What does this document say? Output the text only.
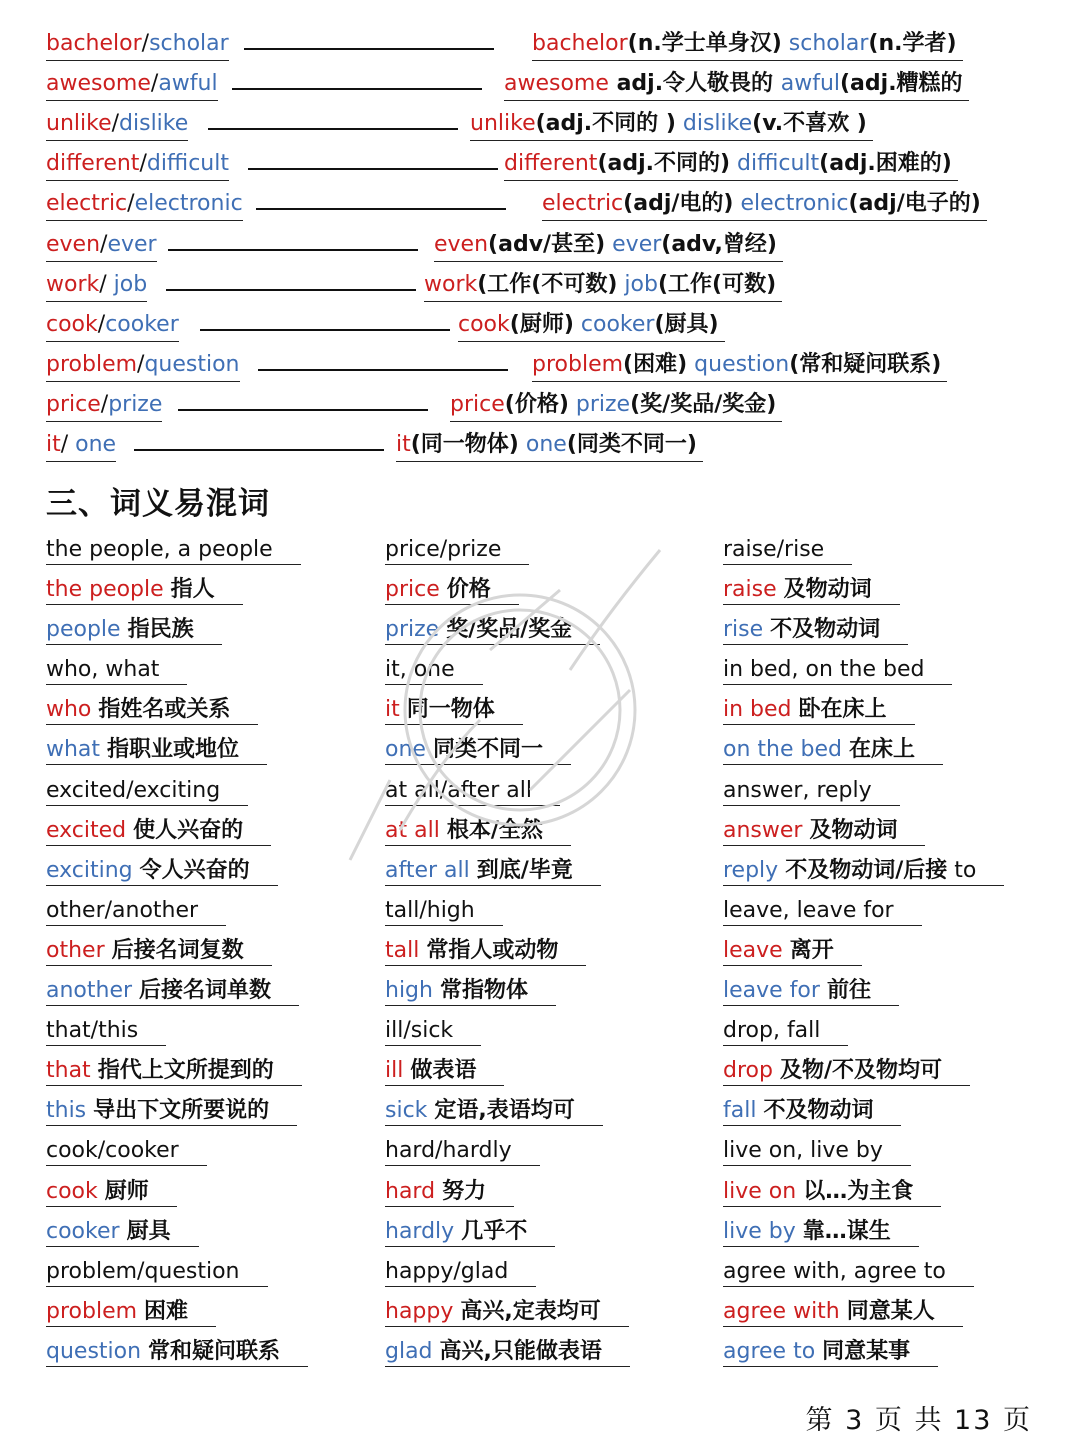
bachelor/scholar	bachelor(n.学士单身汉) scholar(n.学者)
awesome/awful	awesome adj.令人敬畏的 awful(adj.糟糕的
unlike/dislike	unlike(adj.不同的 ) dislike(v.不喜欢 )
different/difficult	different(adj.不同的) difficult(adj.困难的)
electric/electronic	electric(adj/电的) electronic(adj/电子的)
even/ever	even(adv/甚至) ever(adv,曾经)
work/ job	work(工作(不可数) job(工作(可数)
cook/cooker	cook(厨师) cooker(厨具)
problem/question	problem(困难) question(常和疑问联系)
price/prize	price(价格) prize(奖/奖品/奖金)
it/ one	it(同一物体) one(同类不同一)
三、词义易混词
the people, a people
the people 指人
people 指民族
who, what
who 指姓名或关系
what 指职业或地位
excited/exciting
excited 使人兴奋的
exciting 令人兴奋的
other/another
other 后接名词复数
another 后接名词单数
that/this
that 指代上文所提到的
this 导出下文所要说的
cook/cooker
cook 厨师
cooker 厨具
problem/question
problem 困难
question 常和疑问联系
price/prize
price 价格
prize 奖/奖品/奖金
it, one
it 同一物体
one 同类不同一
at all/after all
at all 根本/全然
after all 到底/毕竟
tall/high
tall 常指人或动物
high 常指物体
ill/sick
ill 做表语
sick 定语,表语均可
hard/hardly
hard 努力
hardly 几乎不
happy/glad
happy 高兴,定表均可
glad 高兴,只能做表语
raise/rise
raise 及物动词
rise 不及物动词
in bed, on the bed
in bed 卧在床上
on the bed 在床上
answer, reply
answer 及物动词
reply 不及物动词/后接 to
leave, leave for
leave 离开
leave for 前往
drop, fall
drop 及物/不及物均可
fall 不及物动词
live on, live by
live on 以…为主食
live by 靠…谋生
agree with, agree to
agree with 同意某人
agree to 同意某事
第 3 页 共 13 页
